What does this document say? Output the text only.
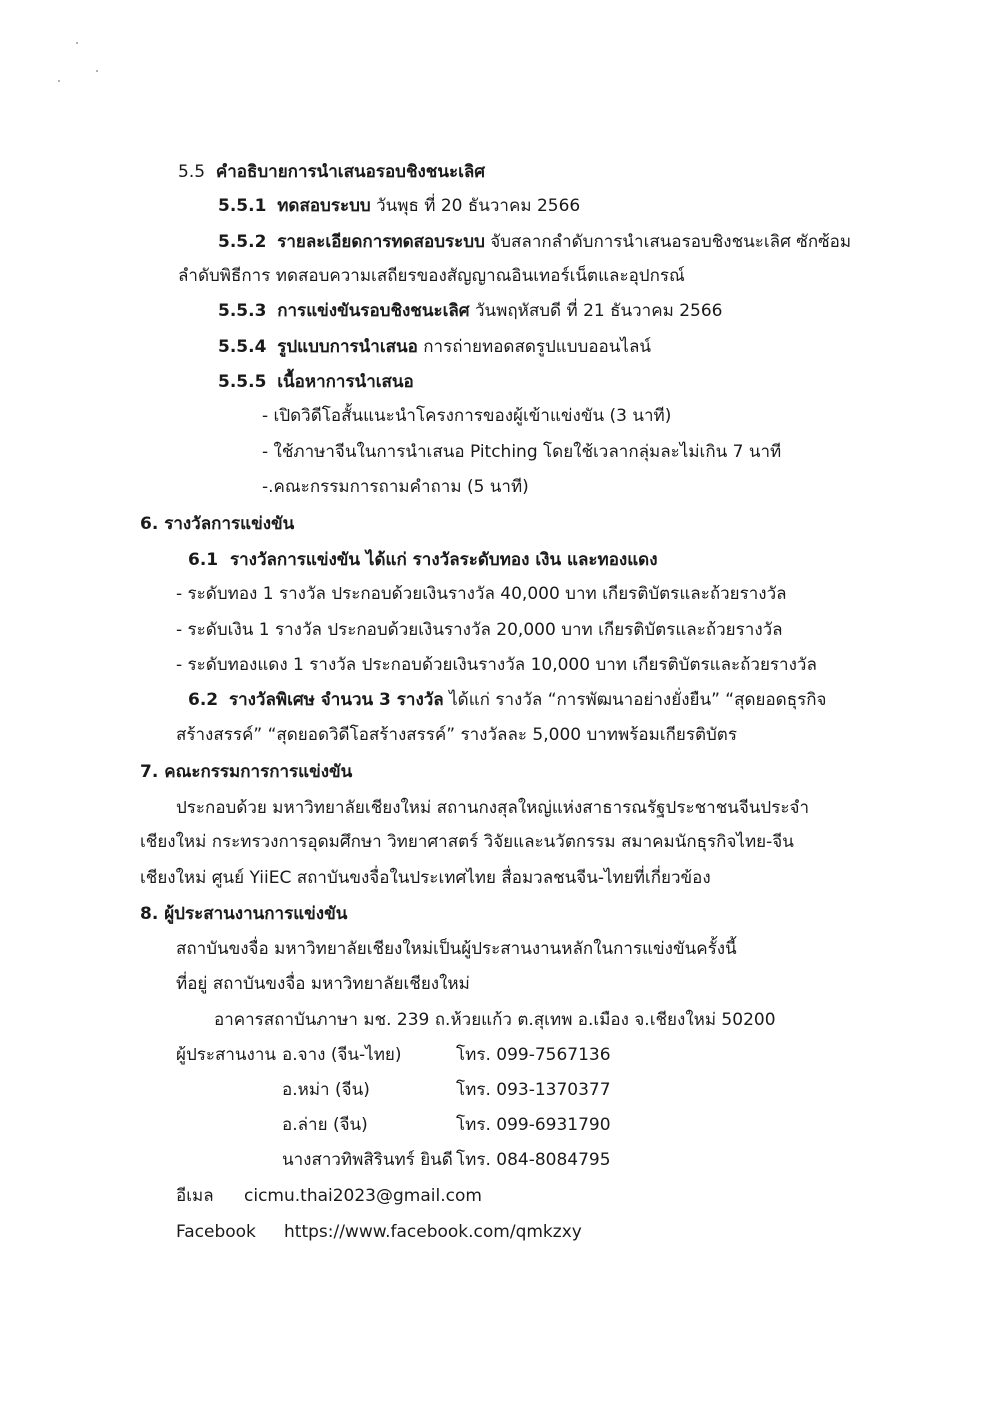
5.5 คำอธิบายการนำเสนอรอบชิงชนะเลิศ
5.5.1 ทดสอบระบบ วันพุธ ที่ 20 ธันวาคม 2566
5.5.2 รายละเอียดการทดสอบระบบ จับสลากลำดับการนำเสนอรอบชิงชนะเลิศ ซักซ้อม
ลำดับพิธีการ ทดสอบความเสถียรของสัญญาณอินเทอร์เน็ตและอุปกรณ์
5.5.3 การแข่งขันรอบชิงชนะเลิศ วันพฤหัสบดี ที่ 21 ธันวาคม 2566
5.5.4 รูปแบบการนำเสนอ การถ่ายทอดสดรูปแบบออนไลน์
5.5.5 เนื้อหาการนำเสนอ
- เปิดวิดีโอสั้นแนะนำโครงการของผู้เข้าแข่งขัน (3 นาที)
- ใช้ภาษาจีนในการนำเสนอ Pitching โดยใช้เวลากลุ่มละไม่เกิน 7 นาที
-.คณะกรรมการถามคำถาม (5 นาที)
6. รางวัลการแข่งขัน
6.1 รางวัลการแข่งขัน ได้แก่ รางวัลระดับทอง เงิน และทองแดง
- ระดับทอง 1 รางวัล ประกอบด้วยเงินรางวัล 40,000 บาท เกียรติบัตรและถ้วยรางวัล
- ระดับเงิน 1 รางวัล ประกอบด้วยเงินรางวัล 20,000 บาท เกียรติบัตรและถ้วยรางวัล
- ระดับทองแดง 1 รางวัล ประกอบด้วยเงินรางวัล 10,000 บาท เกียรติบัตรและถ้วยรางวัล
6.2 รางวัลพิเศษ จำนวน 3 รางวัล ได้แก่ รางวัล “การพัฒนาอย่างยั่งยืน” “สุดยอดธุรกิจ
สร้างสรรค์” “สุดยอดวิดีโอสร้างสรรค์” รางวัลละ 5,000 บาทพร้อมเกียรติบัตร
7. คณะกรรมการการแข่งขัน
ประกอบด้วย มหาวิทยาลัยเชียงใหม่ สถานกงสุลใหญ่แห่งสาธารณรัฐประชาชนจีนประจำ
เชียงใหม่ กระทรวงการอุดมศึกษา วิทยาศาสตร์ วิจัยและนวัตกรรม สมาคมนักธุรกิจไทย-จีน
เชียงใหม่ ศูนย์ YiiEC สถาบันขงจื่อในประเทศไทย สื่อมวลชนจีน-ไทยที่เกี่ยวข้อง
8. ผู้ประสานงานการแข่งขัน
สถาบันขงจื่อ มหาวิทยาลัยเชียงใหม่เป็นผู้ประสานงานหลักในการแข่งขันครั้งนี้
ที่อยู่ สถาบันขงจื่อ มหาวิทยาลัยเชียงใหม่
อาคารสถาบันภาษา มช. 239 ถ.ห้วยแก้ว ต.สุเทพ อ.เมือง จ.เชียงใหม่ 50200
ผู้ประสานงาน อ.จาง (จีน-ไทย)	โทร. 099-7567136
อ.หม่า (จีน)	โทร. 093-1370377
อ.ล่าย (จีน)	โทร. 099-6931790
นางสาวทิพสิรินทร์ ยินดี โทร. 084-8084795
อีเมล cicmu.thai2023@gmail.com
Facebook https://www.facebook.com/qmkzxy
